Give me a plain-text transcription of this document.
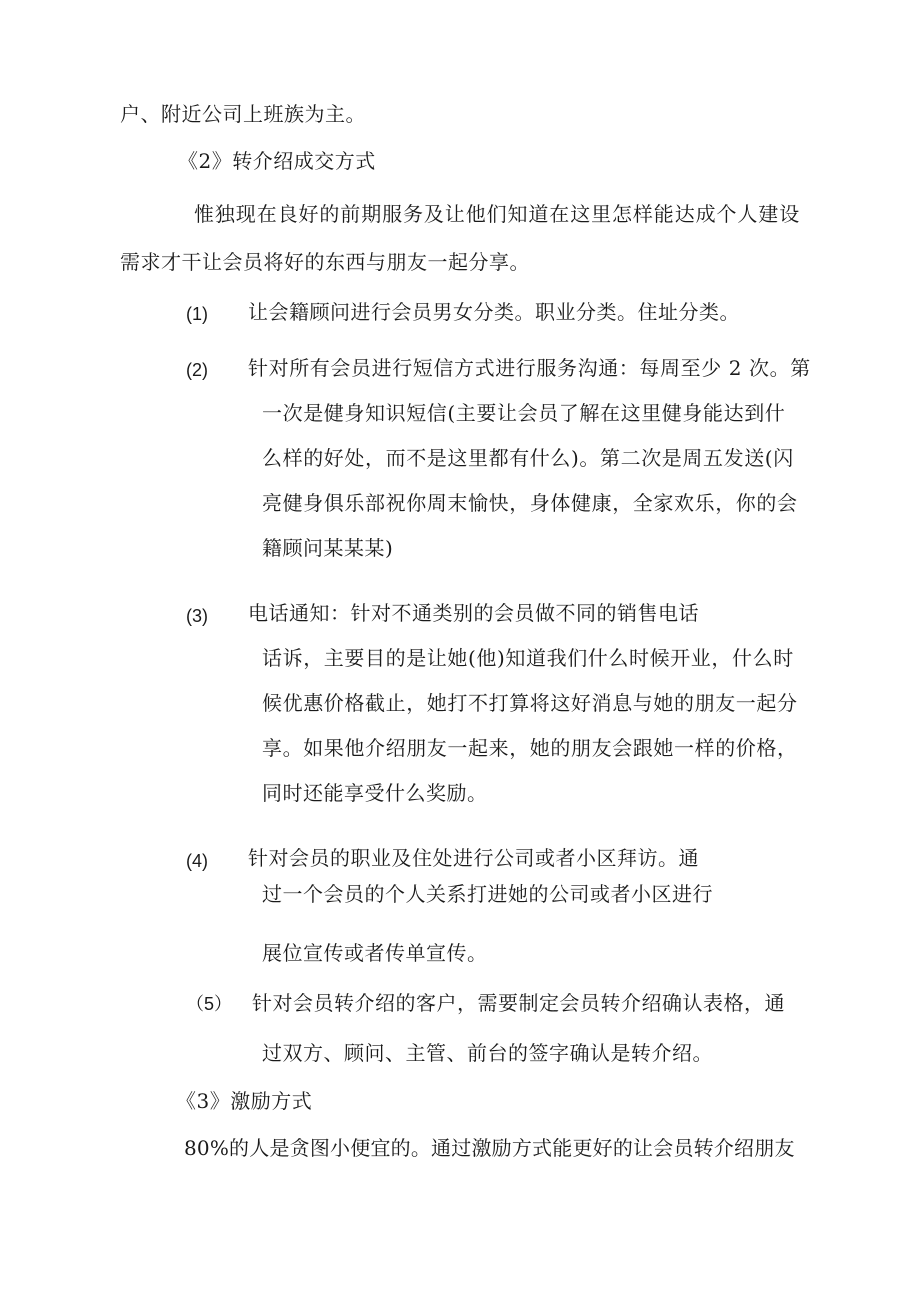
户、附近公司上班族为主。
《2》转介绍成交方式
惟独现在良好的前期服务及让他们知道在这里怎样能达成个人建设
需求才干让会员将好的东西与朋友一起分享。
(1) 让会籍顾问进行会员男女分类。职业分类。住址分类。
(2) 针对所有会员进行短信方式进行服务沟通：每周至少 2 次。第
一次是健身知识短信(主要让会员了解在这里健身能达到什
么样的好处，而不是这里都有什么)。第二次是周五发送(闪
亮健身俱乐部祝你周末愉快，身体健康，全家欢乐，你的会
籍顾问某某某)
(3) 电话通知：针对不通类别的会员做不同的销售电话
话诉，主要目的是让她(他)知道我们什么时候开业，什么时
候优惠价格截止，她打不打算将这好消息与她的朋友一起分
享。如果他介绍朋友一起来，她的朋友会跟她一样的价格，
同时还能享受什么奖励。
(4) 针对会员的职业及住处进行公司或者小区拜访。通
过一个会员的个人关系打进她的公司或者小区进行
展位宣传或者传单宣传。
（5） 针对会员转介绍的客户，需要制定会员转介绍确认表格，通
过双方、顾问、主管、前台的签字确认是转介绍。
《3》激励方式
80%的人是贪图小便宜的。通过激励方式能更好的让会员转介绍朋友
